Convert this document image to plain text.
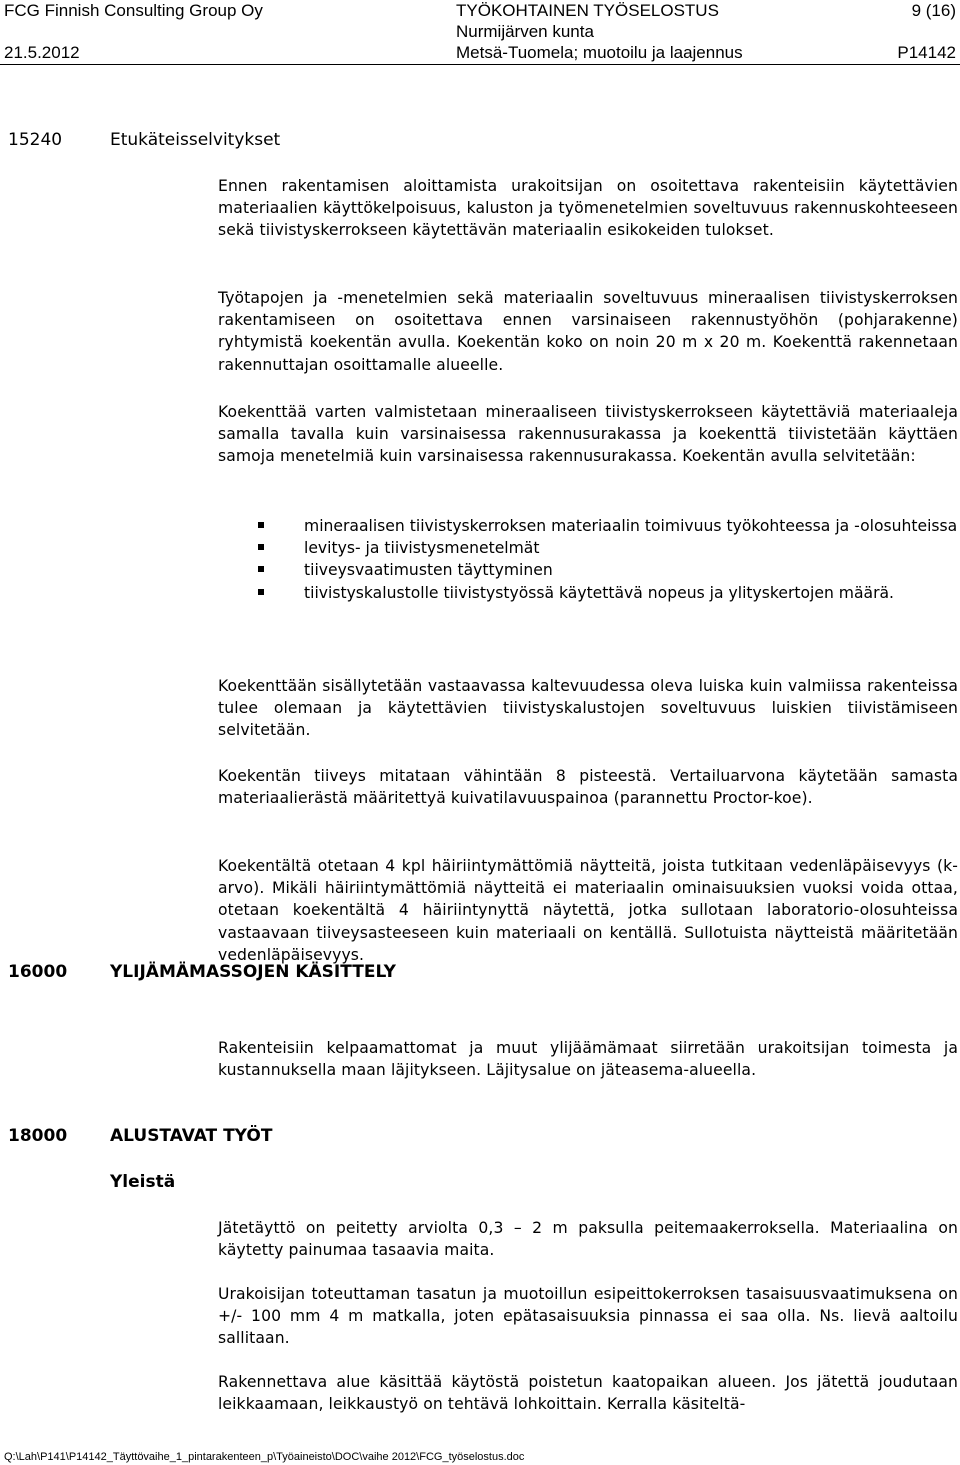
FCG Finnish Consulting Group Oy
21.5.2012
TYÖKOHTAINEN TYÖSELOSTUS
Nurmijärven kunta
Metsä-Tuomela; muotoilu ja laajennus
9 (16)
P14142
15240	Etukäteisselvitykset
Ennen rakentamisen aloittamista urakoitsijan on osoitettava rakenteisiin käytettävien materiaalien käyttökelpoisuus, kaluston ja työmenetelmien soveltuvuus rakennuskohteeseen sekä tiivistyskerrokseen käytettävän materiaalin esikokeiden tulokset.
Työtapojen ja -menetelmien sekä materiaalin soveltuvuus mineraalisen tiivistyskerroksen rakentamiseen on osoitettava ennen varsinaiseen rakennustyöhön (pohjarakenne) ryhtymistä koekentän avulla. Koekentän koko on noin 20 m x 20 m. Koekenttä rakennetaan rakennuttajan osoittamalle alueelle.
Koekenttää varten valmistetaan mineraaliseen tiivistyskerrokseen käytettäviä materiaaleja samalla tavalla kuin varsinaisessa rakennusurakassa ja koekenttä tiivistetään käyttäen samoja menetelmiä kuin varsinaisessa rakennusurakassa. Koekentän avulla selvitetään:
mineraalisen tiivistyskerroksen materiaalin toimivuus työkohteessa ja -olosuhteissa
levitys- ja tiivistysmenetelmät
tiiveysvaatimusten täyttyminen
tiivistyskalustolle tiivistystyössä käytettävä nopeus ja ylityskertojen määrä.
Koekenttään sisällytetään vastaavassa kaltevuudessa oleva luiska kuin valmiissa rakenteissa tulee olemaan ja käytettävien tiivistyskalustojen soveltuvuus luiskien tiivistämiseen selvitetään.
Koekentän tiiveys mitataan vähintään 8 pisteestä. Vertailuarvona käytetään samasta materiaalierästä määritettyä kuivatilavuuspainoa (parannettu Proctor-koe).
Koekentältä otetaan 4 kpl häiriintymättömiä näytteitä, joista tutkitaan vedenläpäisevyys (k-arvo). Mikäli häiriintymättömiä näytteitä ei materiaalin ominaisuuksien vuoksi voida ottaa, otetaan koekentältä 4 häiriintynyttä näytettä, jotka sullotaan laboratorio-olosuhteissa vastaavaan tiiveysasteeseen kuin materiaali on kentällä. Sullotuista näytteistä määritetään vedenläpäisevyys.
16000	YLIJÄMÄMASSOJEN KÄSITTELY
Rakenteisiin kelpaamattomat ja muut ylijäämämaat siirretään urakoitsijan toimesta ja kustannuksella maan läjitykseen. Läjitysalue on jäteasema-alueella.
18000	ALUSTAVAT TYÖT
Yleistä
Jätetäyttö on peitetty arviolta 0,3 – 2 m paksulla peitemaakerroksella. Materiaalina on käytetty painumaa tasaavia maita.
Urakoisijan toteuttaman tasatun ja muotoillun esipeittokerroksen tasaisuusvaatimuksena on +/- 100 mm 4 m matkalla, joten epätasaisuuksia pinnassa ei saa olla. Ns. lievä aaltoilu sallitaan.
Rakennettava alue käsittää käytöstä poistetun kaatopaikan alueen. Jos jätettä joudutaan leikkaamaan, leikkaustyö on tehtävä lohkoittain. Kerralla käsiteltä-
Q:\Lah\P141\P14142_Täyttövaihe_1_pintarakenteen_p\Työaineisto\DOC\vaihe 2012\FCG_työselostus.doc
